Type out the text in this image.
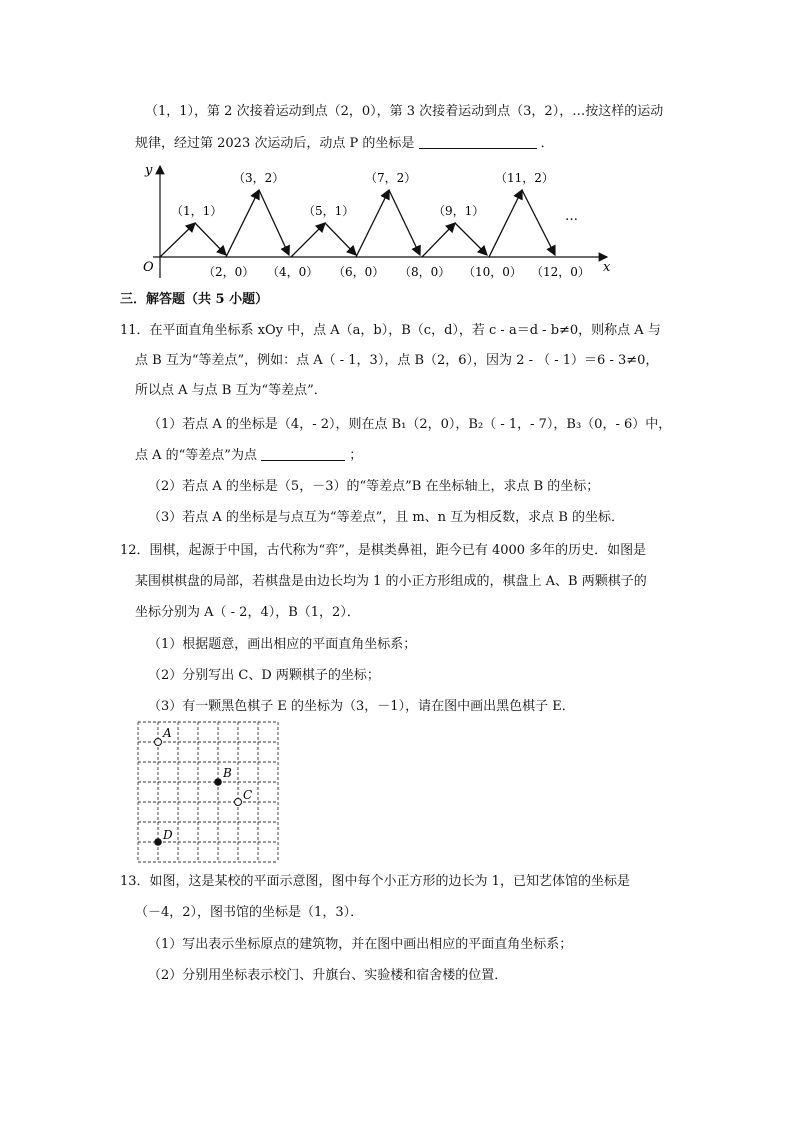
（1，1），第 2 次接着运动到点（2，0），第 3 次接着运动到点（3，2），…按这样的运动
规律，经过第 2023 次运动后，动点 P 的坐标是	．
y
x
O
（1，1）
（3，2）
（5，1）
（7，2）
（9，1）
（11，2）
…
（2，0） （4，0） （6，0） （8，0） （10，0） （12，0）
三．解答题（共 5 小题）
11．在平面直角坐标系 xOy 中，点 A（a，b），B（c，d），若 c - a＝d - b≠0，则称点 A 与
点 B 互为“等差点”，例如：点 A（ - 1，3），点 B（2，6），因为 2 - （ - 1）＝6 - 3≠0，
所以点 A 与点 B 互为“等差点”．
（1）若点 A 的坐标是（4，- 2），则在点 B₁（2，0），B₂（ - 1，- 7），B₃（0，- 6）中，
点 A 的“等差点”为点	；
（2）若点 A 的坐标是（5，－3）的“等差点”B 在坐标轴上，求点 B 的坐标；
（3）若点 A 的坐标是与点互为“等差点”，且 m、n 互为相反数，求点 B 的坐标．
12．围棋，起源于中国，古代称为“弈”，是棋类鼻祖，距今已有 4000 多年的历史．如图是
某围棋棋盘的局部，若棋盘是由边长均为 1 的小正方形组成的，棋盘上 A、B 两颗棋子的
坐标分别为 A（ - 2，4），B（1，2）．
（1）根据题意，画出相应的平面直角坐标系；
（2）分别写出 C、D 两颗棋子的坐标；
（3）有一颗黑色棋子 E 的坐标为（3，－1），请在图中画出黑色棋子 E．
A
B
C
D
13．如图，这是某校的平面示意图，图中每个小正方形的边长为 1，已知艺体馆的坐标是
（－4，2），图书馆的坐标是（1，3）．
（1）写出表示坐标原点的建筑物，并在图中画出相应的平面直角坐标系；
（2）分别用坐标表示校门、升旗台、实验楼和宿舍楼的位置．
